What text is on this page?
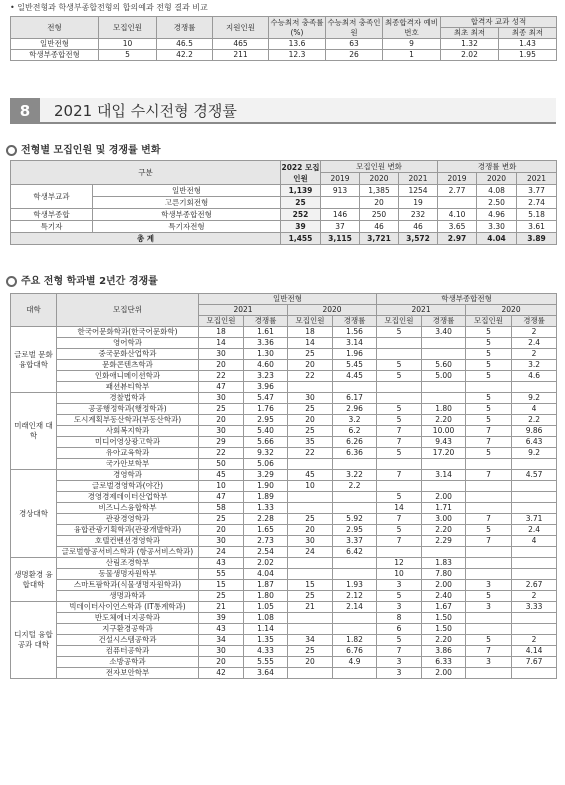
• 일반전형과 학생부종합전형의 합의예과 전형 결과 비교
전형	모집인원	경쟁률	지원인원	수능최저 충족률(%)	수능최저 충족인원	최종합격자 예비번호	합격자 교과 성적	
							최초 최저	최종 최저
일반전형	10	46.5	465	13.6	63	9	1.32	1.43
학생부종합전형	5	42.2	211	12.3	26	1	2.02	1.95
8	2021 대입 수시전형 경쟁률
전형별 모집인원 및 경쟁률 변화
구분		2022 모집인원	모집인원 변화			경쟁률 변화		
			2019	2020	2021	2019	2020	2021
학생부교과	일반전형	1,139	913	1,385	1254	2.77	4.08	3.77
	고른기회전형	25		20	19		2.50	2.74
학생부종합	학생부종합전형	252	146	250	232	4.10	4.96	5.18
특기자	특기자전형	39	37	46	46	3.65	3.30	3.61
총 계		1,455	3,115	3,721	3,572	2.97	4.04	3.89
주요 전형 학과별 2년간 경쟁률
대학	모집단위	일반전형				학생부종합전형			
		2021		2020		2021		2020	
		모집인원	경쟁률	모집인원	경쟁률	모집인원	경쟁률	모집인원	경쟁률
글로벌 문화 융합대학	한국어문화학과(한국어문화학)	18	1.61	18	1.56	5	3.40	5	2
	영어학과	14	3.36	14	3.14			5	2.4
	중국문화산업학과	30	1.30	25	1.96			5	2
	문화콘텐츠학과	20	4.60	20	5.45	5	5.60	5	3.2
	인화애니메이션학과	22	3.23	22	4.45	5	5.00	5	4.6
	패션뷰티학부	47	3.96						
미래인재 대학	경찰법학과	30	5.47	30	6.17			5	9.2
	공공행정학과(행정학과)	25	1.76	25	2.96	5	1.80	5	4
	도시계획부동산학과(부동산학과)	20	2.95	20	3.2	5	2.20	5	2.2
	사회복지학과	30	5.40	25	6.2	7	10.00	7	9.86
	미디어영상광고학과	29	5.66	35	6.26	7	9.43	7	6.43
	유아교육학과	22	9.32	22	6.36	5	17.20	5	9.2
	국가안보학부	50	5.06						
경상대학	경영학과	45	3.29	45	3.22	7	3.14	7	4.57
	글로벌경영학과(야간)	10	1.90	10	2.2				
	경영경제데이터산업학부	47	1.89			5	2.00		
	비즈니스융합학부	58	1.33			14	1.71		
	관광경영학과	25	2.28	25	5.92	7	3.00	7	3.71
	융합관광기획학과(관광개발학과)	20	1.65	20	2.95	5	2.20	5	2.4
	호텔컨벤션경영학과	30	2.73	30	3.37	7	2.29	7	4
	글로벌항공서비스학과 (항공서비스학과)	24	2.54	24	6.42				
생명환경 융합대학	산림조경학부	43	2.02			12	1.83		
	동물생명자원학부	55	4.04			10	7.80		
	스마트팜학과(식물생명자원학과)	15	1.87	15	1.93	3	2.00	3	2.67
	생명과학과	25	1.80	25	2.12	5	2.40	5	2
디지털 융합공과 대학	빅데이터사이언스학과 (IT통계학과)	21	1.05	21	2.14	3	1.67	3	3.33
	반도체에너지공학과	39	1.08			8	1.50		
	지구환경공학과	43	1.14			6	1.50		
	건설시스템공학과	34	1.35	34	1.82	5	2.20	5	2
	컴퓨터공학과	30	4.33	25	6.76	7	3.86	7	4.14
	소방공학과	20	5.55	20	4.9	3	6.33	3	7.67
	전자보안학부	42	3.64			3	2.00		
